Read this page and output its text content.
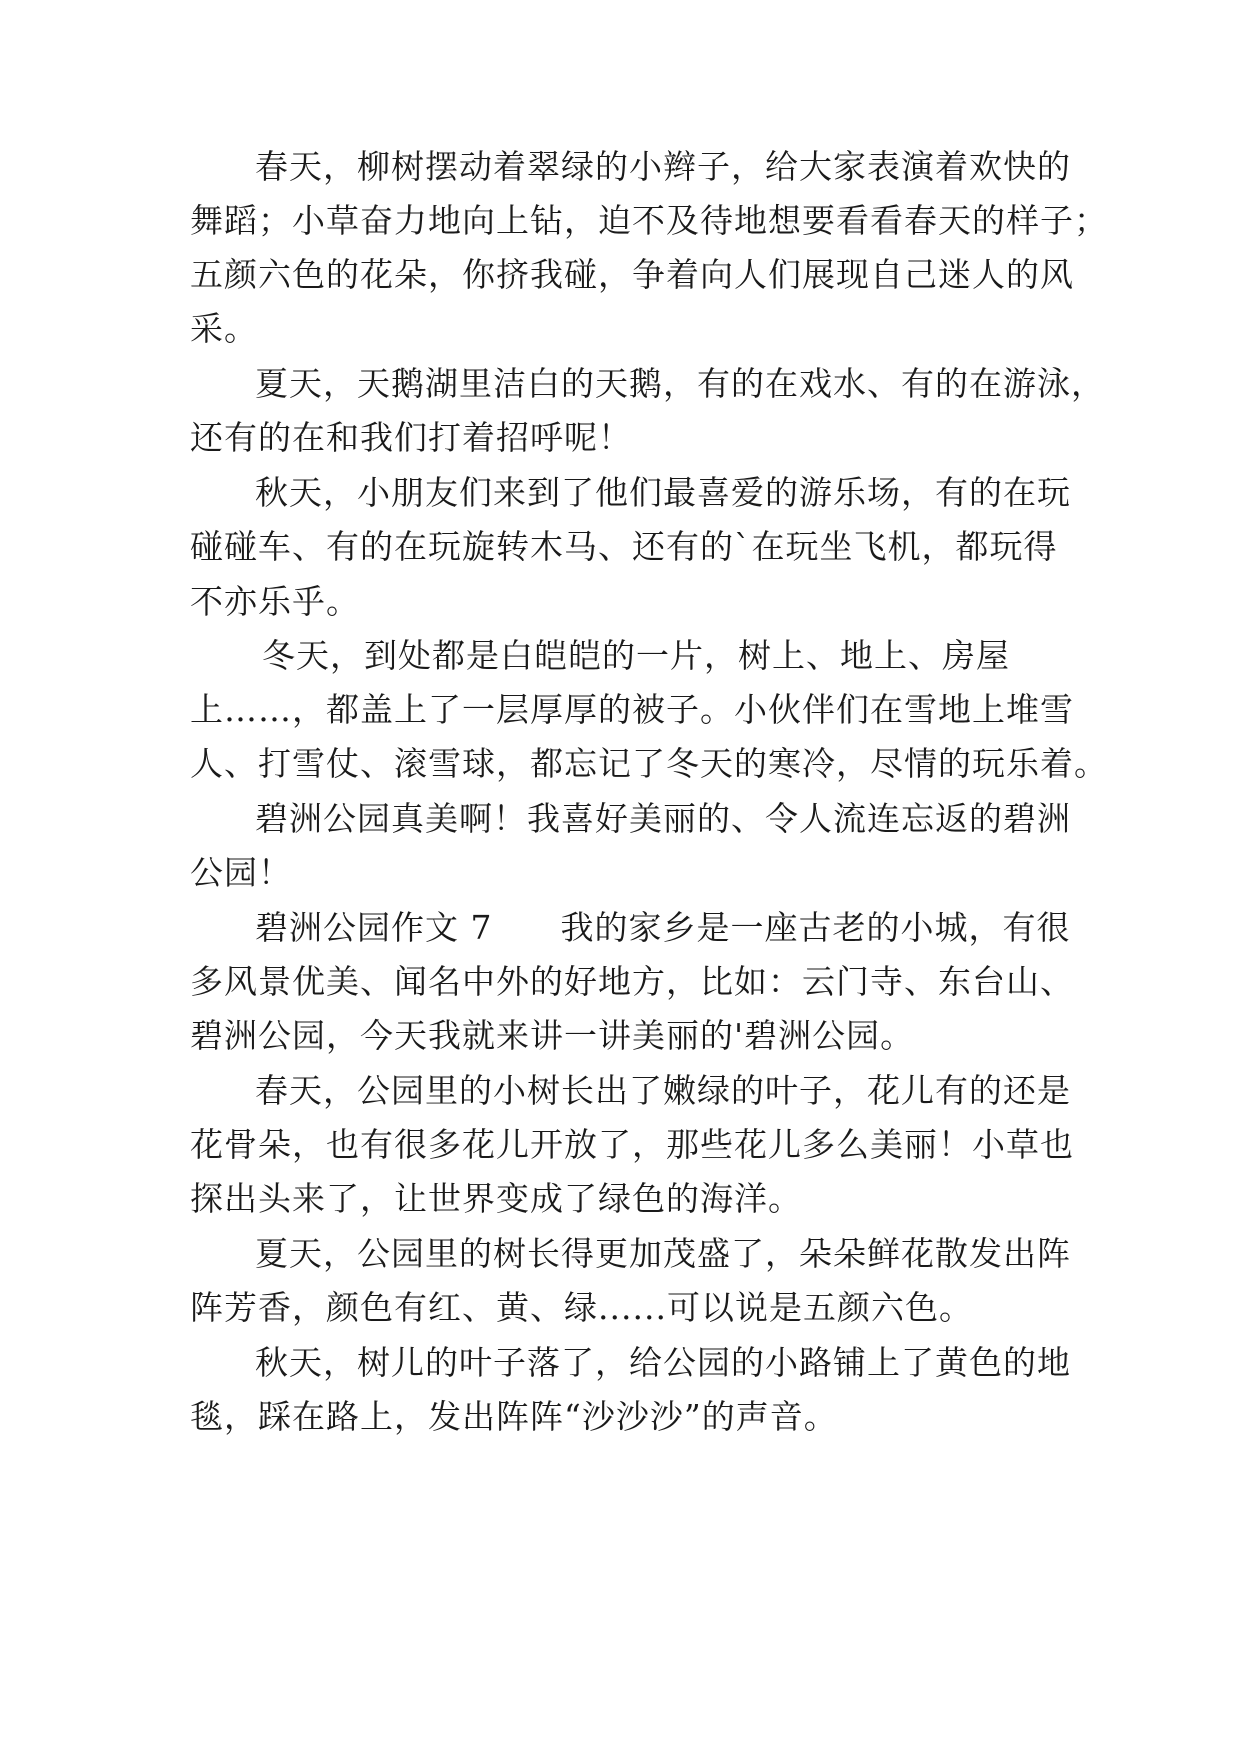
春天，柳树摆动着翠绿的小辫子，给大家表演着欢快的
舞蹈；小草奋力地向上钻，迫不及待地想要看看春天的样子；
五颜六色的花朵，你挤我碰，争着向人们展现自己迷人的风
采。
夏天，天鹅湖里洁白的天鹅，有的在戏水、有的在游泳，
还有的在和我们打着招呼呢！
秋天，小朋友们来到了他们最喜爱的游乐场，有的在玩
碰碰车、有的在玩旋转木马、还有的`在玩坐飞机，都玩得
不亦乐乎。
冬天，到处都是白皑皑的一片，树上、地上、房屋
上……，都盖上了一层厚厚的被子。小伙伴们在雪地上堆雪
人、打雪仗、滚雪球，都忘记了冬天的寒冷，尽情的玩乐着。
碧洲公园真美啊！我喜好美丽的、令人流连忘返的碧洲
公园！
碧洲公园作文 7　　我的家乡是一座古老的小城，有很
多风景优美、闻名中外的好地方，比如：云门寺、东台山、
碧洲公园，今天我就来讲一讲美丽的'碧洲公园。
春天，公园里的小树长出了嫩绿的叶子，花儿有的还是
花骨朵，也有很多花儿开放了，那些花儿多么美丽！小草也
探出头来了，让世界变成了绿色的海洋。
夏天，公园里的树长得更加茂盛了，朵朵鲜花散发出阵
阵芳香，颜色有红、黄、绿......可以说是五颜六色。
秋天，树儿的叶子落了，给公园的小路铺上了黄色的地
毯，踩在路上，发出阵阵“沙沙沙”的声音。
